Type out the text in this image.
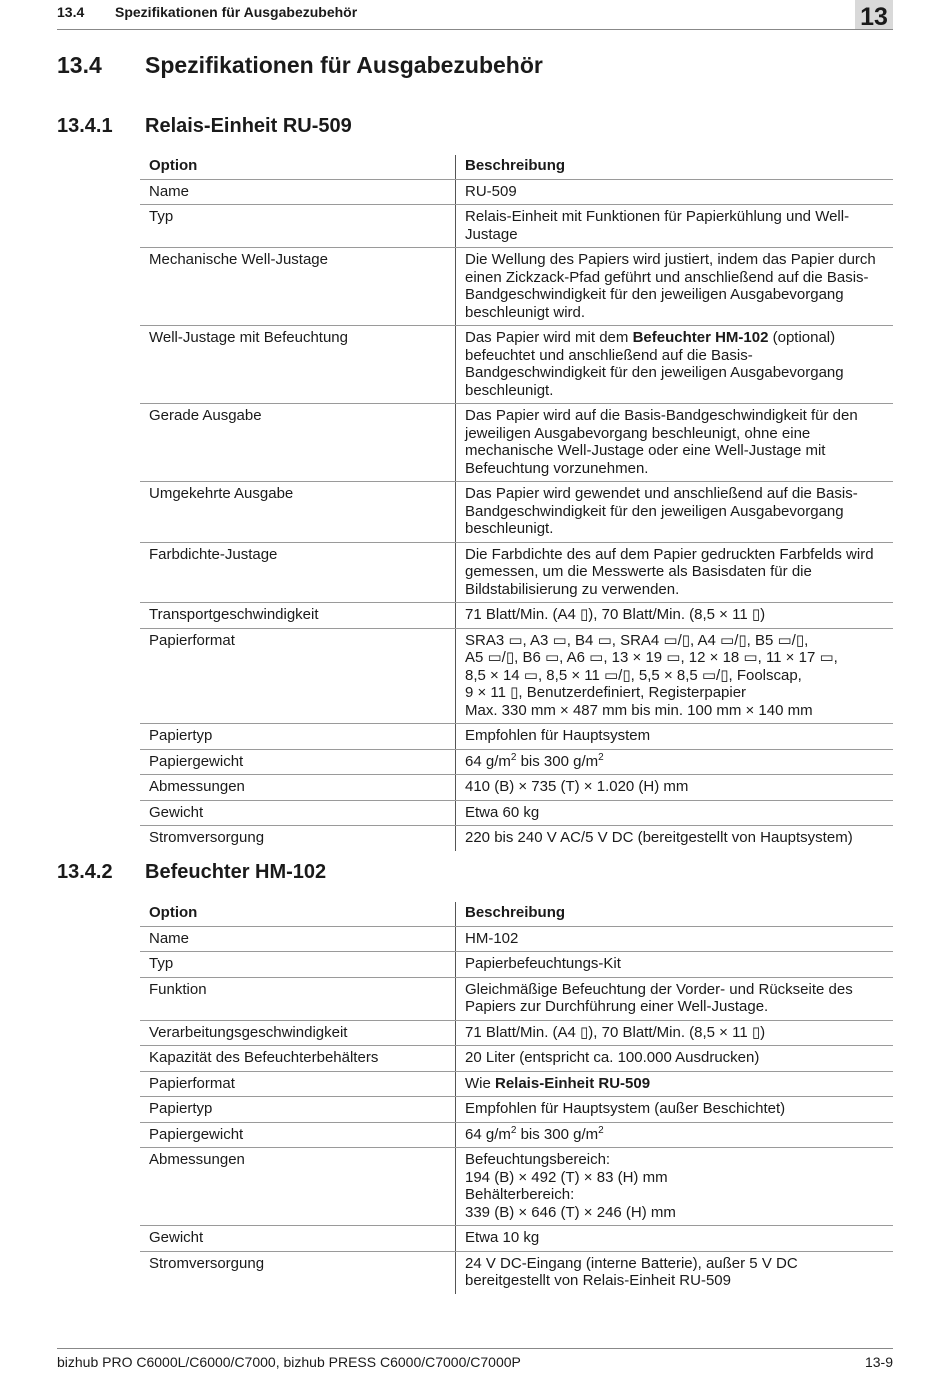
13.4 Spezifikationen für Ausgabezubehör	13
13.4 Spezifikationen für Ausgabezubehör
13.4.1 Relais-Einheit RU-509
Option	Beschreibung
Name	RU-509
Typ	Relais-Einheit mit Funktionen für Papierkühlung und Well-Justage
Mechanische Well-Justage	Die Wellung des Papiers wird justiert, indem das Papier durch einen Zickzack-Pfad geführt und anschließend auf die Basis-Bandgeschwindigkeit für den jeweiligen Ausgabevorgang beschleunigt wird.
Well-Justage mit Befeuchtung	Das Papier wird mit dem Befeuchter HM-102 (optional) befeuchtet und anschließend auf die Basis-Bandgeschwindigkeit für den jeweiligen Ausgabevorgang beschleunigt.
Gerade Ausgabe	Das Papier wird auf die Basis-Bandgeschwindigkeit für den jeweiligen Ausgabevorgang beschleunigt, ohne eine mechanische Well-Justage oder eine Well-Justage mit Befeuchtung vorzunehmen.
Umgekehrte Ausgabe	Das Papier wird gewendet und anschließend auf die Basis-Bandgeschwindigkeit für den jeweiligen Ausgabevorgang beschleunigt.
Farbdichte-Justage	Die Farbdichte des auf dem Papier gedruckten Farbfelds wird gemessen, um die Messwerte als Basisdaten für die Bildstabilisierung zu verwenden.
Transportgeschwindigkeit	71 Blatt/Min. (A4 ▯), 70 Blatt/Min. (8,5 × 11 ▯)
Papierformat	SRA3 ▭, A3 ▭, B4 ▭, SRA4 ▭/▯, A4 ▭/▯, B5 ▭/▯,
A5 ▭/▯, B6 ▭, A6 ▭, 13 × 19 ▭, 12 × 18 ▭, 11 × 17 ▭,
8,5 × 14 ▭, 8,5 × 11 ▭/▯, 5,5 × 8,5 ▭/▯, Foolscap,
9 × 11 ▯, Benutzerdefiniert, Registerpapier
Max. 330 mm × 487 mm bis min. 100 mm × 140 mm

Papiertyp	Empfohlen für Hauptsystem
Papiergewicht	64 $g/m^2$ bis 300 $g/m^2$
Abmessungen	410 (B) × 735 (T) × 1.020 (H) mm
Gewicht	Etwa 60 kg
Stromversorgung	220 bis 240 V AC/5 V DC (bereitgestellt von Hauptsystem)
13.4.2 Befeuchter HM-102
Option	Beschreibung
Name	HM-102
Typ	Papierbefeuchtungs-Kit
Funktion	Gleichmäßige Befeuchtung der Vorder- und Rückseite des Papiers zur Durchführung einer Well-Justage.
Verarbeitungsgeschwindigkeit	71 Blatt/Min. (A4 ▯), 70 Blatt/Min. (8,5 × 11 ▯)
Kapazität des Befeuchterbehälters	20 Liter (entspricht ca. 100.000 Ausdrucken)
Papierformat	Wie Relais-Einheit RU-509
Papiertyp	Empfohlen für Hauptsystem (außer Beschichtet)
Papiergewicht	64 $g/m^2$ bis 300 $g/m^2$
Abmessungen	Befeuchtungsbereich:
194 (B) × 492 (T) × 83 (H) mm
Behälterbereich:
339 (B) × 646 (T) × 246 (H) mm

Gewicht	Etwa 10 kg
Stromversorgung	24 V DC-Eingang (interne Batterie), außer 5 V DC bereitgestellt von Relais-Einheit RU-509
bizhub PRO C6000L/C6000/C7000, bizhub PRESS C6000/C7000/C7000P	13-9
